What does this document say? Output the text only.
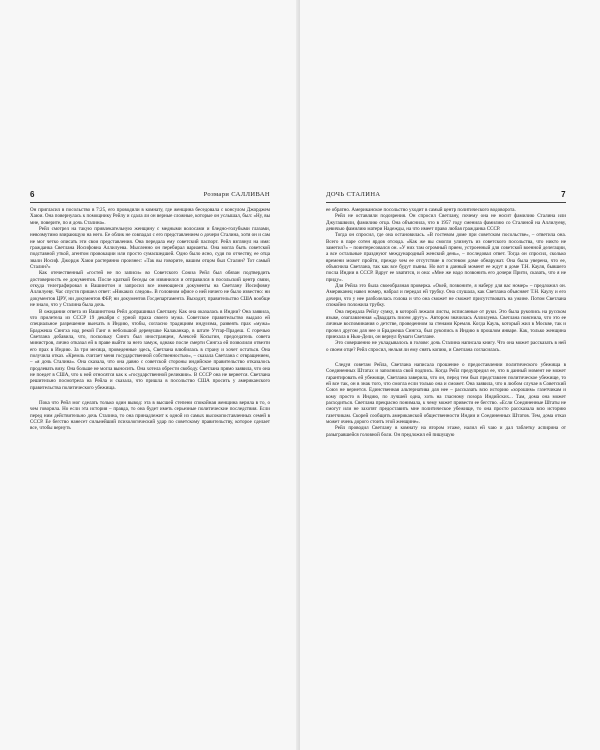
6	Розмари САЛЛИВАН

Он пригласил в посольство в 7:25, его проводили в комнату, где женщина беседовала с консулом Джорджем Хаюи. Она повернулась к помощнику Рейлу и сдала ли он верные сложные, которые он услышал, был: «Ну, вы мне, поверите, по я дочь Сталина».

Рейл смотрел на такую привлекательную женщину с медными волосами и бледно-голубыми глазами, невозмутимо взирающую на него. Ее облик не совпадал с его представлением о дочери Сталина, хотя он и сам не мог четко описать эти свои представления. Она передала ему советский паспорт. Рейл взглянул на имя: гражданка Светлана Иосифовна Аллилуева. Мысленно он перебирал варианты. Она могла быть советской подставной уткой, агентом провокации или просто сумасшедшей. Одно было ясно, судя по отчеству, ее отца звали Иосиф. Джордж Хаюи растерянно произнес: «Так вы говорите, вашим отцом был Сталин? Тот самый Сталин?»

Как отечественный «гостей не по записи» во Советского Союза Рейл был обязан подтвердить достоверность ее документов. После краткой беседы он извинился и отправился в посольский центр связи, откуда телеграфировал в Вашингтон и запросил все имеющиеся документы на Светлану Иосифовну Аллилуеву. Час спустя пришел ответ: «Никаких следов». В головном офисе о ней ничего не было известно: ни документов ЦРУ, ни документов ФБР, ни документов Госдепартамента. Выходит, правительство США вообще не знало, что у Сталина была дочь.

В ожидании ответа из Вашингтона Рейл допрашивал Светлану. Как она оказалась в Индии? Она заявила, что прилетела из СССР 19 декабря с урной праха своего мужа. Советское правительство выдало ей специальное разрешение выехать в Индию, чтобы, согласно традициям индуизма, развеять прах «мужа» Браджеша Сингха над рекой Ганг в небольшой деревушке Калаканкар, в штате Уттар-Прадеш. С горечью Светлана добавила, что, поскольку Сингх был иностранцем, Алексей Косыгин, председатель совета министров, лично отказал ей в праве выйти за него замуж, однако после смерти Сингха ей позволили отвезти его прах в Индию. За три месяца, проведенные здесь, Светлана влюбилась в страну и хочет остаться. Она получила отказ. «Кремль считает меня государственной собственностью», – сказала Светлана с отвращением, – «я дочь Сталина». Она сказала, что она давно с советской стороны индийское правительство отказалось продлевать визу. Она больше не могла выносить. Она хотела обрести свободу. Светлана прямо заявила, что она не поедет в США, что к ней относятся как к «государственной реликвии». В СССР она не вернется. Светлана решительно посмотрела на Рейла и сказала, что пришла в посольство США просить у американского правительства политического убежища.

Пока что Рейл мог сделать только один вывод: эта в высшей степени спокойная женщина верила в то, о чем говорила. Но если эта история – правда, то она будет иметь серьезные политические последствия. Если перед ним действительно дочь Сталина, то она принадлежит к одной из самых высокопоставленных семей в СССР. Ее бегство нанесет сильнейший психологический удар по советскому правительству, которое сделает все, чтобы вернуть

ДОЧЬ СТАЛИНА	7

ее обратно. Американское посольство уходит в самый центр политического водоворота.

Рейл не оставляли подозрения. Он спросил Светлану, почему она не носит фамилию Сталина или Джугашвили, фамилию отца. Она объяснила, что в 1957 году сменила фамилию со Сталиной на Аллилуеву, девичью фамилию матери Надежды, на что имеет право любая гражданка СССР.

Тогда он спросил, где она остановилась. «В гостевом доме при советском посольстве», – ответила она. Всего в паре сотен ярдов отсюда. «Как же вы смогли улизнуть из советского посольства, что никто не заметил?» – поинтересовался он. «У них там огромный прием, устроенный для советской военной делегации, а все остальные празднуют международный женский день», – последовал ответ. Тогда он спросил, сколько времени может пройти, прежде чем ее отсутствие в гостевом доме обнаружат. Она была уверена, что ее, объяснила Светлана, так как все будут пьяны. Но вот в данный момент ее ждут в доме Т.Н. Кауля, бывшего посла Индии в СССР. Вдруг ее хватятся, и она: «Мне же надо позвонить его дочери Прити, сказать, что я не приду».

Для Рейла это была своеобразная проверка. «Окей, позвоните, я наберу для вас номер» – предложил он. Американец навел номер, набрал и передал ей трубку. Она слушала, как Светлана объясняет Т.Н. Каулу и его дочери, что у нее разболелась голова и что она сможет не сможет присутствовать на ужине. Потом Светлана спокойно положила трубку.

Она передала Рейлу сумку, в которой лежали листы, исписанные от руки. Это была рукопись на русском языке, озаглавленная «Двадцать писем другу». Автором значилась Аллилуева. Светлана пояснила, что это ее личные воспоминания о детстве, проведенном за стенами Кремля. Когда Кауль, который жил в Москве, так и прочел другом для нее и Браджеша Сингха, был рукопись в Индию в прошлом январе. Как, только женщина приехала в Нью-Дели, он вернул бумаги Светлане.

Это совершенно не укладывалось в голове: дочь Сталина написала книгу. Что она может рассказать в ней о своем отце? Рейл спросил, нельзя ли ему снять копию, и Светлана согласилась.

Следуя советам Рейла, Светлана написала прошение о предоставлении политического убежища в Соединенных Штатах и заполнила свой подпись. Когда Рейл предупредил ее, что в данный момент не может гарантировать ей убежище, Светлана заверила, что он, перед тем был представлен политическое убежище, то ей все так, он в знак того, что смогла если только она и сможет. Она заявила, что в любом случае в Советский Союз не вернется. Единственная альтернатива для нее – рассказать всю историю «хорошим» газетчикам и кому просто в Индию, по лучшей одна, хоть на гласному позора Индийских... Там, дома она может расходиться. Светлана прекрасно понимала, к чему может привести ее бегство. «Если Соединенные Штаты не смогут или не захотят предоставить мне политическое убежище, то она просто рассказала всю историю газетчикам. Скорей сообщить американской общественности Индии и Соединенных Штатов. Тем, дома отказ может очень дорого стоить этой женщине».

Рейл проводил Светлану в комнату на втором этаже, налил ей чаю и дал таблетку аспирина от разыгравшейся головной боли. Он предложил ей пишущую
